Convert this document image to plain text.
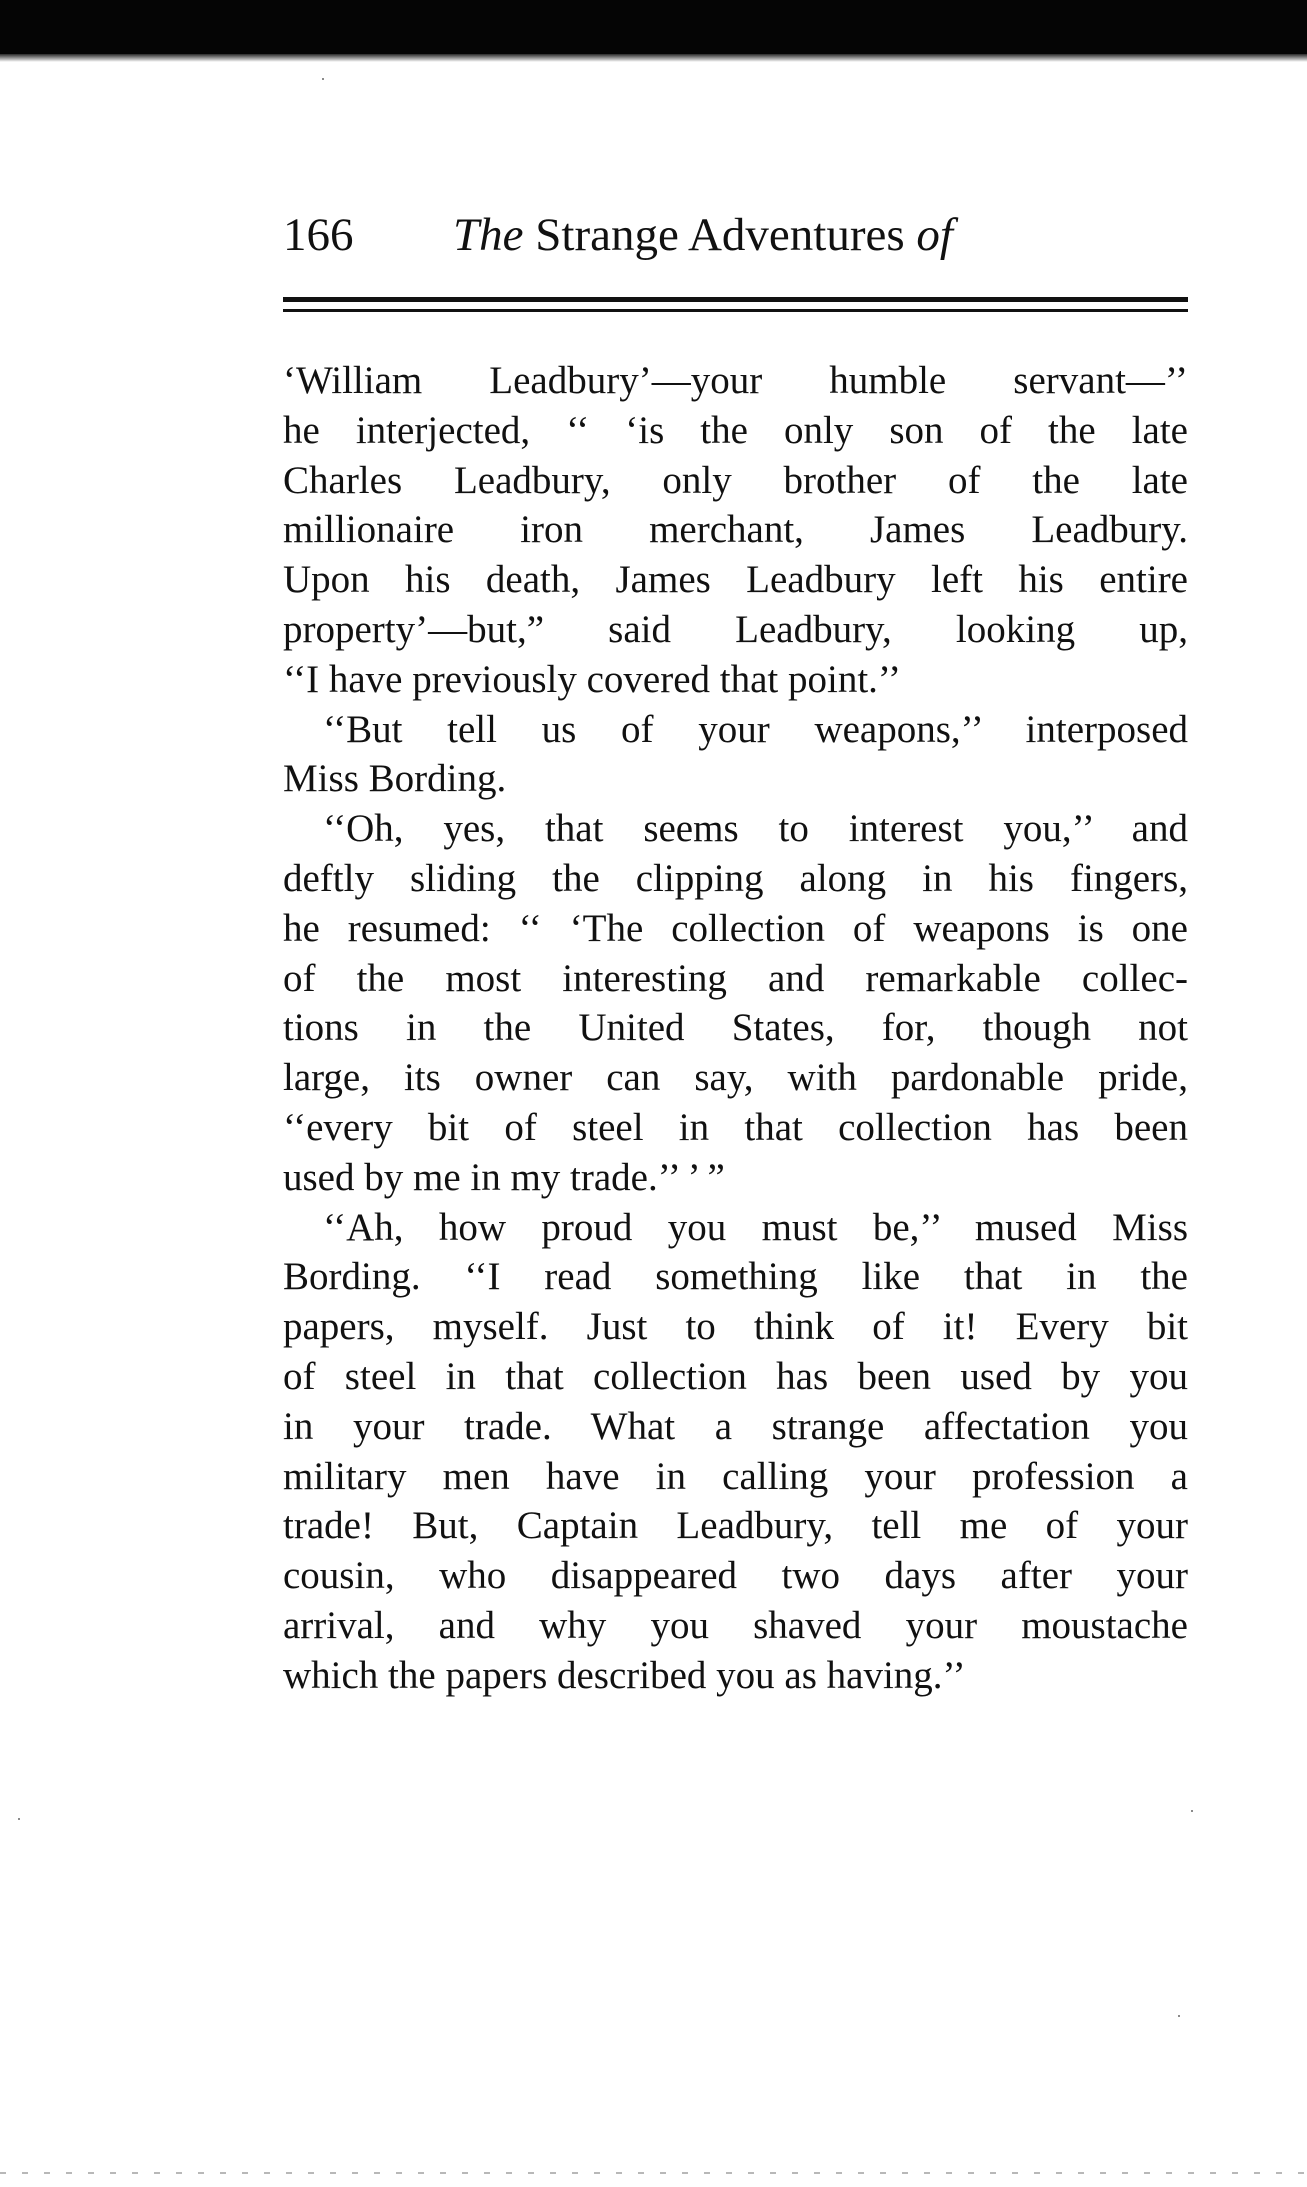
166 The Strange Adventures of
‘William Leadbury’—your humble servant—’’
he interjected, ‘‘ ‘is the only son of the late
Charles Leadbury, only brother of the late
millionaire iron merchant, James Leadbury.
Upon his death, James Leadbury left his entire
property’—but,” said Leadbury, looking up,
‘‘I have previously covered that point.’’
‘‘But tell us of your weapons,’’ interposed
Miss Bording.
‘‘Oh, yes, that seems to interest you,’’ and
deftly sliding the clipping along in his fingers,
he resumed: ‘‘ ‘The collection of weapons is one
of the most interesting and remarkable collec-
tions in the United States, for, though not
large, its owner can say, with pardonable pride,
‘‘every bit of steel in that collection has been
used by me in my trade.’’ ’ ”
‘‘Ah, how proud you must be,’’ mused Miss
Bording. ‘‘I read something like that in the
papers, myself. Just to think of it! Every bit
of steel in that collection has been used by you
in your trade. What a strange affectation you
military men have in calling your profession a
trade! But, Captain Leadbury, tell me of your
cousin, who disappeared two days after your
arrival, and why you shaved your moustache
which the papers described you as having.’’
